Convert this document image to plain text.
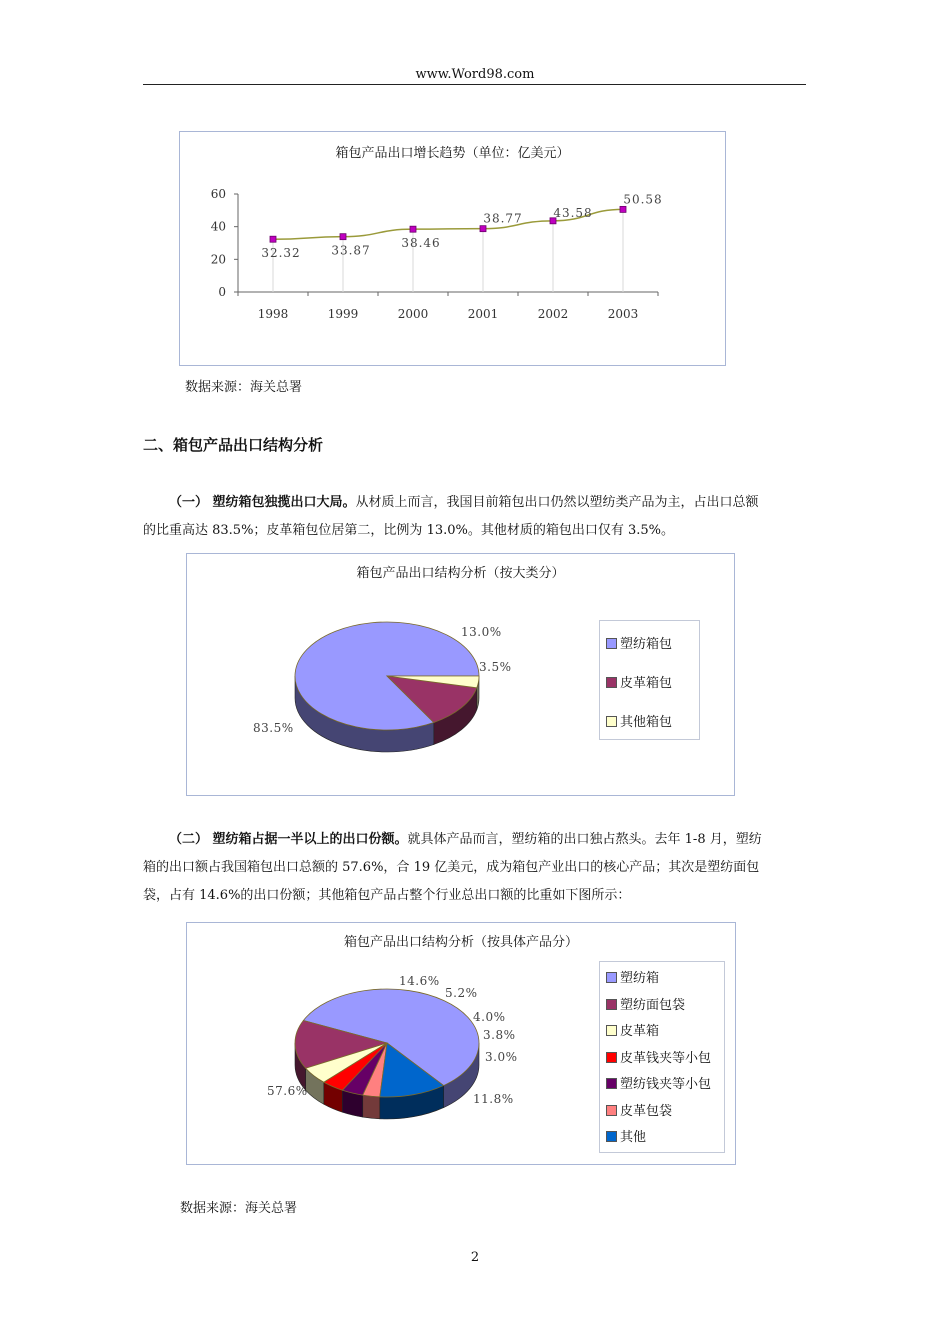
www.Word98.com
箱包产品出口增长趋势（单位：亿美元）
0
20
40
60
1998	1999	2000	2001	2002	2003
32.32	33.87
38.46
38.77	43.58
50.58
数据来源：海关总署
二、箱包产品出口结构分析
（一） 塑纺箱包独揽出口大局。从材质上而言，我国目前箱包出口仍然以塑纺类产品为主，占出口总额
的比重高达 83.5%；皮革箱包位居第二，比例为 13.0%。其他材质的箱包出口仅有 3.5%。
箱包产品出口结构分析（按大类分）
83.5%
13.0%
3.5%
塑纺箱包
皮革箱包
其他箱包
（二） 塑纺箱占据一半以上的出口份额。就具体产品而言，塑纺箱的出口独占熬头。去年 1-8 月，塑纺
箱的出口额占我国箱包出口总额的 57.6%，合 19 亿美元，成为箱包产业出口的核心产品；其次是塑纺面包
袋，占有 14.6%的出口份额；其他箱包产品占整个行业总出口额的比重如下图所示：
箱包产品出口结构分析（按具体产品分）
57.6%
14.6%
5.2%
4.0%
3.8%
3.0%
11.8%
塑纺箱
塑纺面包袋
皮革箱
皮革钱夹等小包
塑纺钱夹等小包
皮革包袋
其他
数据来源：海关总署
2
